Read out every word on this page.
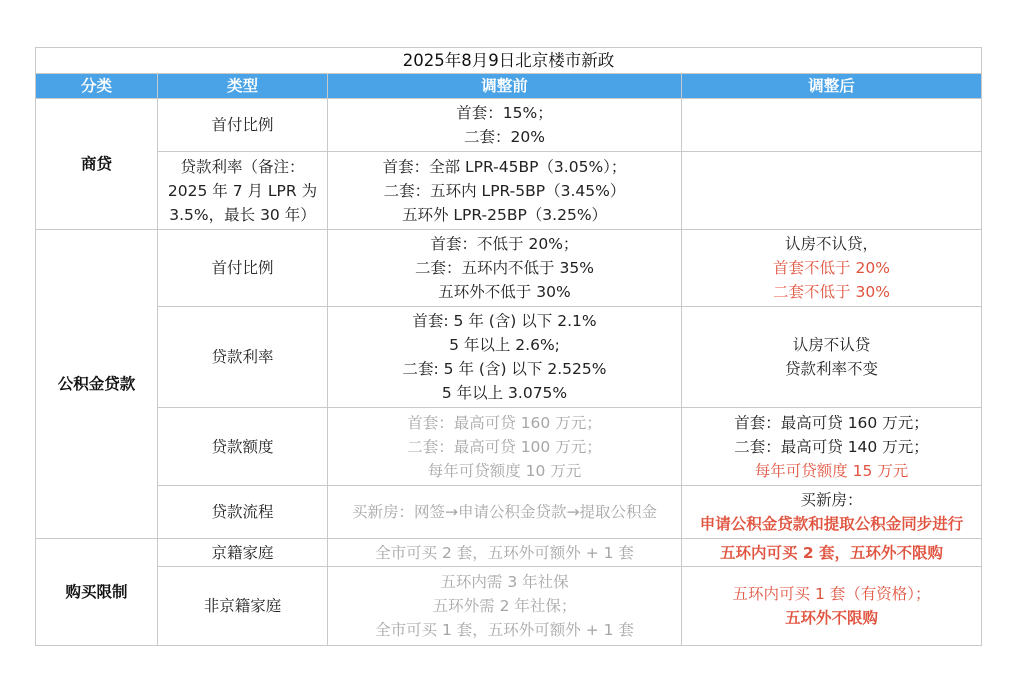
2025年8月9日北京楼市新政			
分类	类型	调整前	调整后
商贷	首付比例	首套：15%；
二套：20%	

	贷款利率（备注：
2025 年 7 月 LPR 为
3.5%，最长 30 年）	首套：全部 LPR-45BP（3.05%）；
二套：五环内 LPR-5BP（3.45%）
五环外 LPR-25BP（3.25%）	

公积金贷款	首付比例	首套：不低于 20%；
二套：五环内不低于 35%
五环外不低于 30%	认房不认贷，
首套不低于 20%
二套不低于 30%

	贷款利率	首套: 5 年 (含) 以下 2.1%
5 年以上 2.6%;
二套: 5 年 (含) 以下 2.525%
5 年以上 3.075%	认房不认贷
贷款利率不变

	贷款额度	首套：最高可贷 160 万元；
二套：最高可贷 100 万元；
每年可贷额度 10 万元	首套：最高可贷 160 万元；
二套：最高可贷 140 万元；
每年可贷额度 15 万元

	贷款流程	买新房：网签→申请公积金贷款→提取公积金	买新房：
申请公积金贷款和提取公积金同步进行

购买限制	京籍家庭	全市可买 2 套，五环外可额外 + 1 套	五环内可买 2 套，五环外不限购
	非京籍家庭	五环内需 3 年社保
五环外需 2 年社保；
全市可买 1 套，五环外可额外 + 1 套	五环内可买 1 套（有资格）；
五环外不限购
